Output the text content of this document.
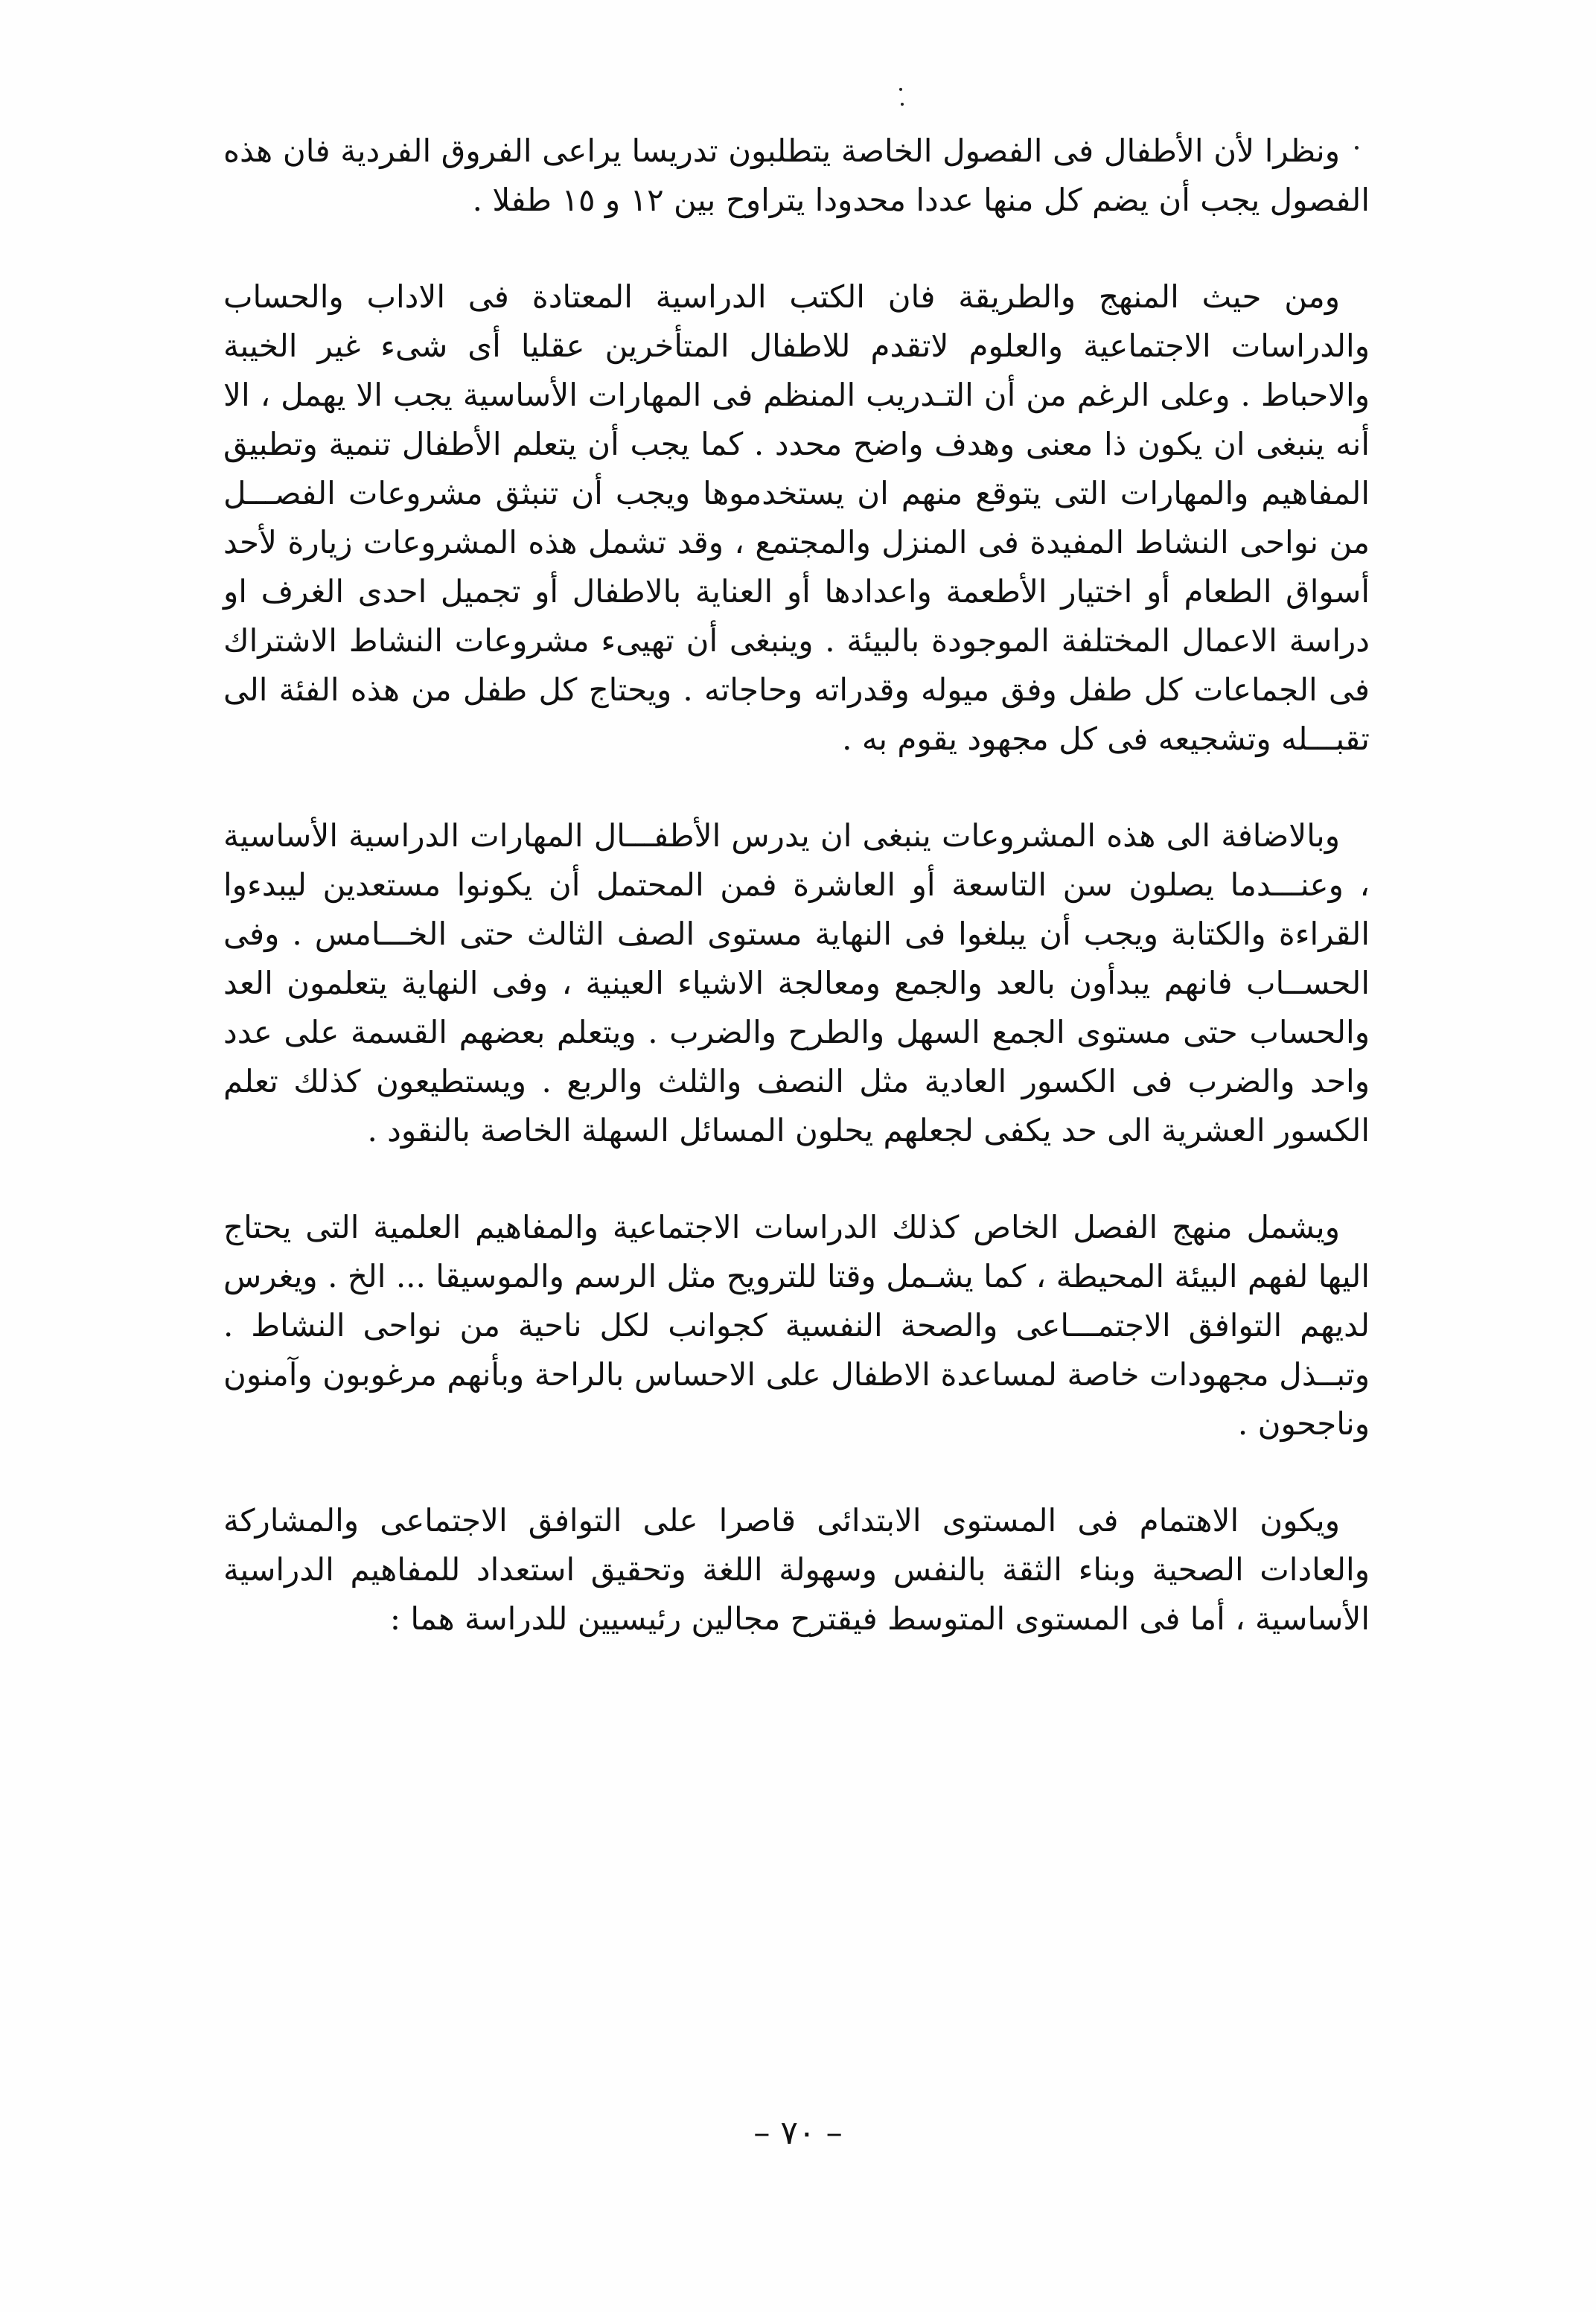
ونظرا لأن الأطفال فى الفصول الخاصة يتطلبون تدريسا يراعى الفروق الفردية فان هذه الفصول يجب أن يضم كل منها عددا محدودا يتراوح بين ١٢ و ١٥ طفلا .

ومن حيث المنهج والطريقة فان الكتب الدراسية المعتادة فى الاداب والحساب والدراسات الاجتماعية والعلوم لاتقدم للاطفال المتأخرين عقليا أى شىء غير الخيبة والاحباط . وعلى الرغم من أن التـدريب المنظم فى المهارات الأساسية يجب الا يهمل ، الا أنه ينبغى ان يكون ذا معنى وهدف واضح محدد . كما يجب أن يتعلم الأطفال تنمية وتطبيق المفاهيم والمهارات التى يتوقع منهم ان يستخدموها ويجب أن تنبثق مشروعات الفصـــل من نواحى النشاط المفيدة فى المنزل والمجتمع ، وقد تشمل هذه المشروعات زيارة لأحد أسواق الطعام أو اختيار الأطعمة واعدادها أو العناية بالاطفال أو تجميل احدى الغرف او دراسة الاعمال المختلفة الموجودة بالبيئة . وينبغى أن تهيىء مشروعات النشاط الاشتراك فى الجماعات كل طفل وفق ميوله وقدراته وحاجاته . ويحتاج كل طفل من هذه الفئة الى تقبـــله وتشجيعه فى كل مجهود يقوم به .

وبالاضافة الى هذه المشروعات ينبغى ان يدرس الأطفـــال المهارات الدراسية الأساسية ، وعنـــدما يصلون سن التاسعة أو العاشرة فمن المحتمل أن يكونوا مستعدين ليبدءوا القراءة والكتابة ويجب أن يبلغوا فى النهاية مستوى الصف الثالث حتى الخـــامس . وفى الحســاب فانهم يبدأون بالعد والجمع ومعالجة الاشياء العينية ، وفى النهاية يتعلمون العد والحساب حتى مستوى الجمع السهل والطرح والضرب . ويتعلم بعضهم القسمة على عدد واحد والضرب فى الكسور العادية مثل النصف والثلث والربع . ويستطيعون كذلك تعلم الكسور العشرية الى حد يكفى لجعلهم يحلون المسائل السهلة الخاصة بالنقود .

ويشمل منهج الفصل الخاص كذلك الدراسات الاجتماعية والمفاهيم العلمية التى يحتاج اليها لفهم البيئة المحيطة ، كما يشـمل وقتا للترويح مثل الرسم والموسيقا ... الخ . ويغرس لديهم التوافق الاجتمـــاعى والصحة النفسية كجوانب لكل ناحية من نواحى النشاط . وتبــذل مجهودات خاصة لمساعدة الاطفال على الاحساس بالراحة وبأنهم مرغوبون وآمنون وناجحون .

ويكون الاهتمام فى المستوى الابتدائى قاصرا على التوافق الاجتماعى والمشاركة والعادات الصحية وبناء الثقة بالنفس وسهولة اللغة وتحقيق استعداد للمفاهيم الدراسية الأساسية ، أما فى المستوى المتوسط فيقترح مجالين رئيسيين للدراسة هما :

– ٧٠ –
